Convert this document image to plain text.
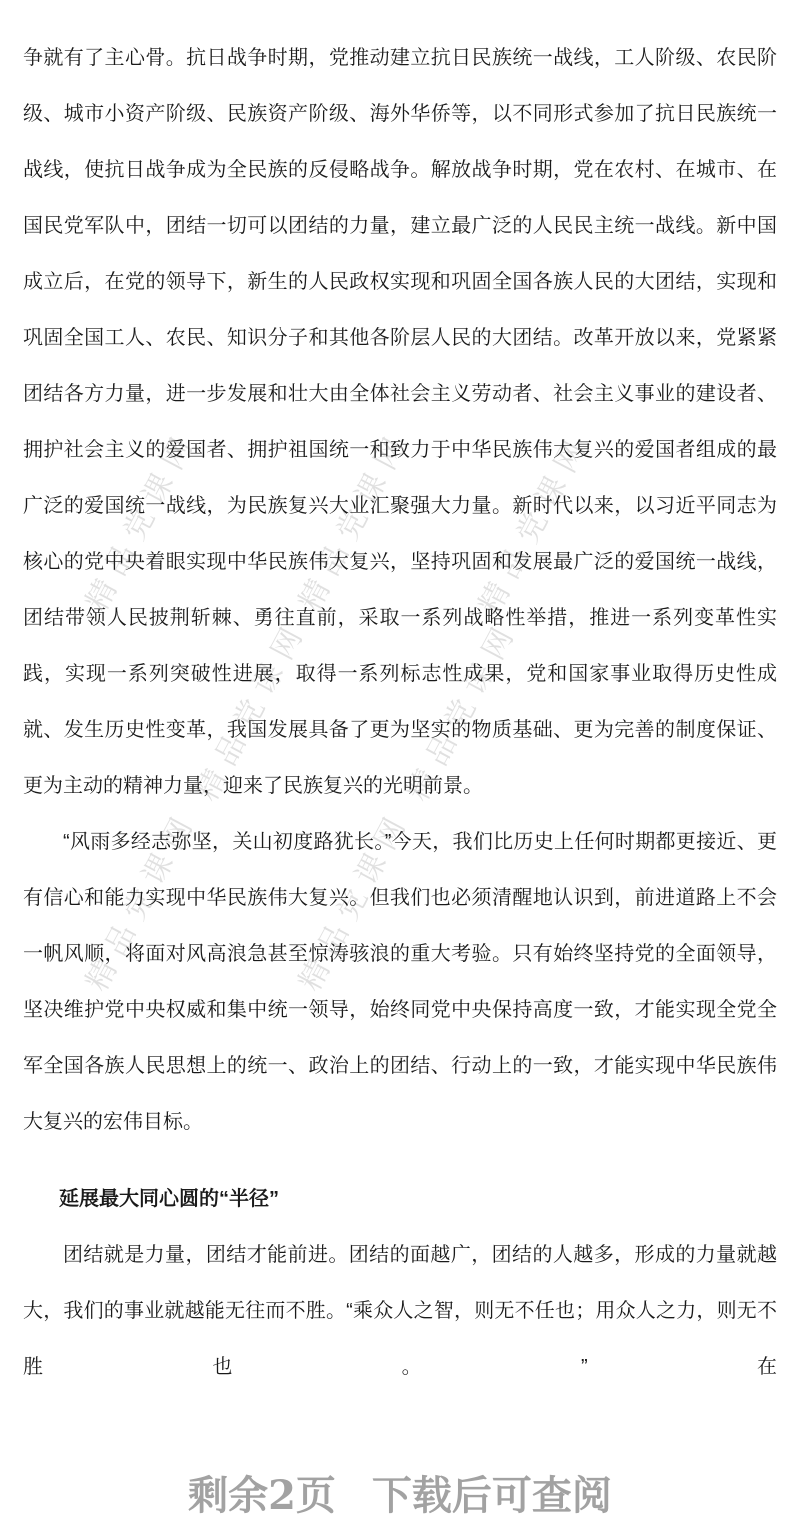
精品党课网	精品党课网 精品党课网
精品党课网	精品党课网
精品党课网	精品党课网

争就有了主心骨。抗日战争时期，党推动建立抗日民族统一战线，工人阶级、农民阶级、城市小资产阶级、民族资产阶级、海外华侨等，以不同形式参加了抗日民族统一战线，使抗日战争成为全民族的反侵略战争。解放战争时期，党在农村、在城市、在国民党军队中，团结一切可以团结的力量，建立最广泛的人民民主统一战线。新中国成立后，在党的领导下，新生的人民政权实现和巩固全国各族人民的大团结，实现和巩固全国工人、农民、知识分子和其他各阶层人民的大团结。改革开放以来，党紧紧团结各方力量，进一步发展和壮大由全体社会主义劳动者、社会主义事业的建设者、拥护社会主义的爱国者、拥护祖国统一和致力于中华民族伟大复兴的爱国者组成的最广泛的爱国统一战线，为民族复兴大业汇聚强大力量。新时代以来，以习近平同志为核心的党中央着眼实现中华民族伟大复兴，坚持巩固和发展最广泛的爱国统一战线，团结带领人民披荆斩棘、勇往直前，采取一系列战略性举措，推进一系列变革性实践，实现一系列突破性进展，取得一系列标志性成果，党和国家事业取得历史性成就、发生历史性变革，我国发展具备了更为坚实的物质基础、更为完善的制度保证、更为主动的精神力量，迎来了民族复兴的光明前景。

“风雨多经志弥坚，关山初度路犹长。”今天，我们比历史上任何时期都更接近、更有信心和能力实现中华民族伟大复兴。但我们也必须清醒地认识到，前进道路上不会一帆风顺，将面对风高浪急甚至惊涛骇浪的重大考验。只有始终坚持党的全面领导，坚决维护党中央权威和集中统一领导，始终同党中央保持高度一致，才能实现全党全军全国各族人民思想上的统一、政治上的团结、行动上的一致，才能实现中华民族伟大复兴的宏伟目标。

延展最大同心圆的“半径”

团结就是力量，团结才能前进。团结的面越广，团结的人越多，形成的力量就越大，我们的事业就越能无往而不胜。“乘众人之智，则无不任也；用众人之力，则无不胜也。”在

剩余2页 下载后可查阅
